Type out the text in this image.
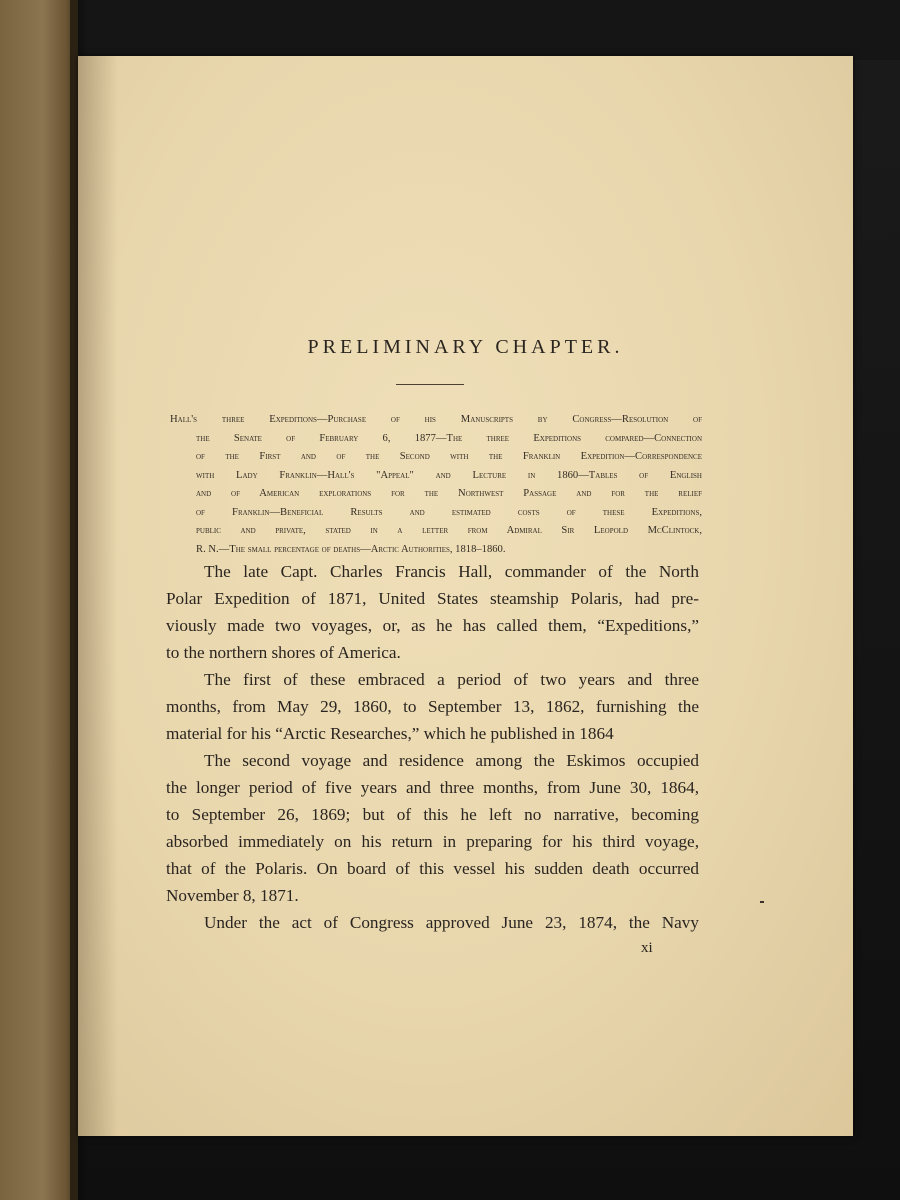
PRELIMINARY CHAPTER.
Hall's three Expeditions—Purchase of his Manuscripts by Congress—Resolution of
the Senate of February 6, 1877—The three Expeditions compared—Connection
of the First and of the Second with the Franklin Expedition—Correspondence
with Lady Franklin—Hall's "Appeal" and Lecture in 1860—Tables of English
and of American explorations for the Northwest Passage and for the relief
of Franklin—Beneficial Results and estimated costs of these Expeditions,
public and private, stated in a letter from Admiral Sir Leopold McClintock,
R. N.—The small percentage of deaths—Arctic Authorities, 1818–1860.
The late Capt. Charles Francis Hall, commander of the North
Polar Expedition of 1871, United States steamship Polaris, had pre-
viously made two voyages, or, as he has called them, “Expeditions,”
to the northern shores of America.
The first of these embraced a period of two years and three
months, from May 29, 1860, to September 13, 1862, furnishing the
material for his “Arctic Researches,” which he published in 1864
The second voyage and residence among the Eskimos occupied
the longer period of five years and three months, from June 30, 1864,
to September 26, 1869; but of this he left no narrative, becoming
absorbed immediately on his return in preparing for his third voyage,
that of the Polaris. On board of this vessel his sudden death occurred
November 8, 1871.
Under the act of Congress approved June 23, 1874, the Navy
xi
